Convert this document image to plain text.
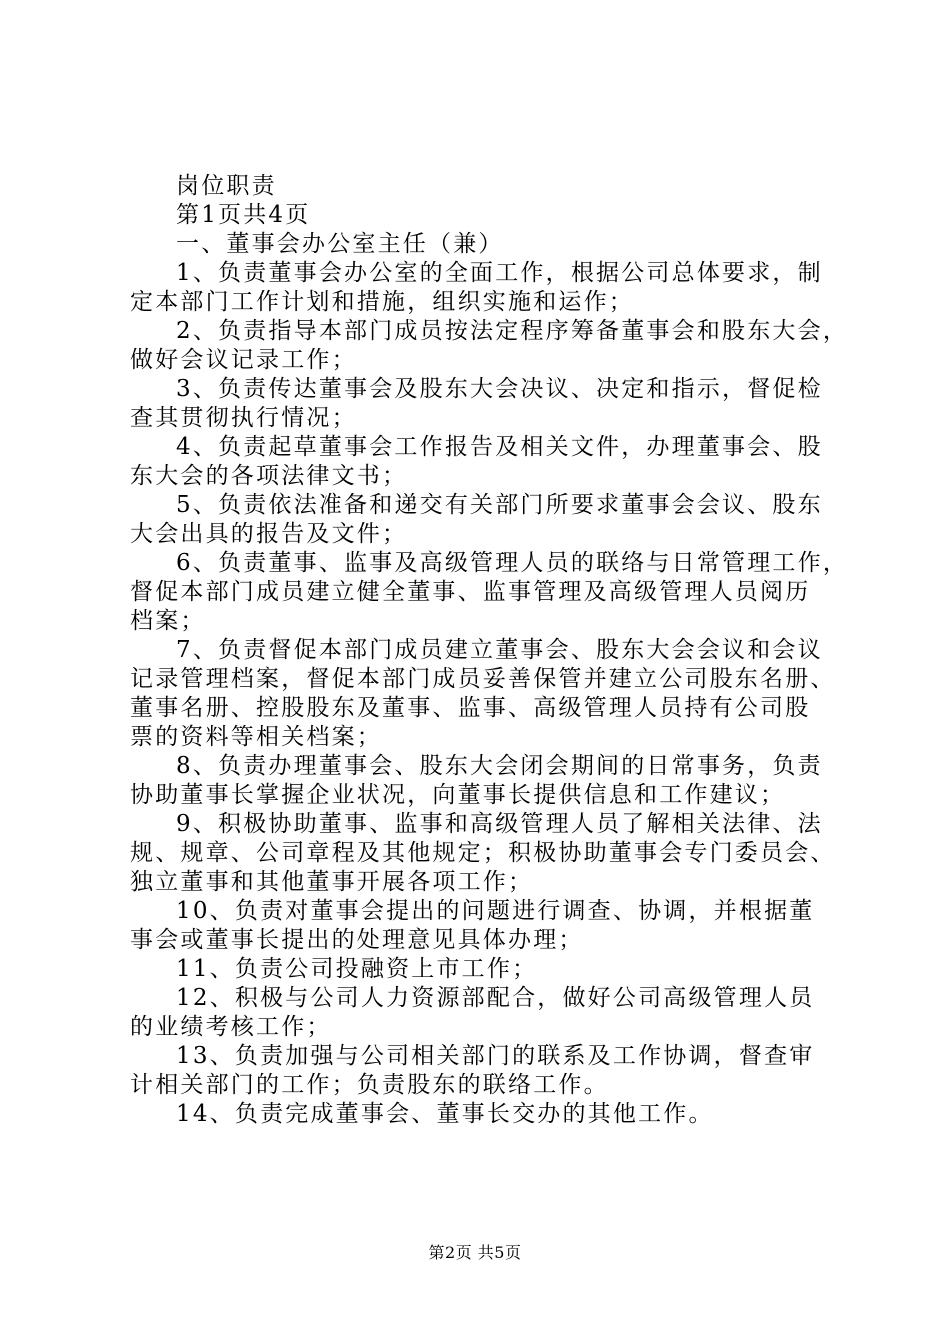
岗位职责
第1页共4页
一、董事会办公室主任（兼）
1、负责董事会办公室的全面工作，根据公司总体要求，制
定本部门工作计划和措施，组织实施和运作；
2、负责指导本部门成员按法定程序筹备董事会和股东大会，
做好会议记录工作；
3、负责传达董事会及股东大会决议、决定和指示，督促检
查其贯彻执行情况；
4、负责起草董事会工作报告及相关文件，办理董事会、股
东大会的各项法律文书；
5、负责依法准备和递交有关部门所要求董事会会议、股东
大会出具的报告及文件；
6、负责董事、监事及高级管理人员的联络与日常管理工作，
督促本部门成员建立健全董事、监事管理及高级管理人员阅历
档案；
7、负责督促本部门成员建立董事会、股东大会会议和会议
记录管理档案，督促本部门成员妥善保管并建立公司股东名册、
董事名册、控股股东及董事、监事、高级管理人员持有公司股
票的资料等相关档案；
8、负责办理董事会、股东大会闭会期间的日常事务，负责
协助董事长掌握企业状况，向董事长提供信息和工作建议；
9、积极协助董事、监事和高级管理人员了解相关法律、法
规、规章、公司章程及其他规定；积极协助董事会专门委员会、
独立董事和其他董事开展各项工作；
10、负责对董事会提出的问题进行调查、协调，并根据董
事会或董事长提出的处理意见具体办理；
11、负责公司投融资上市工作；
12、积极与公司人力资源部配合，做好公司高级管理人员
的业绩考核工作；
13、负责加强与公司相关部门的联系及工作协调，督查审
计相关部门的工作；负责股东的联络工作。
14、负责完成董事会、董事长交办的其他工作。
第2页 共5页
